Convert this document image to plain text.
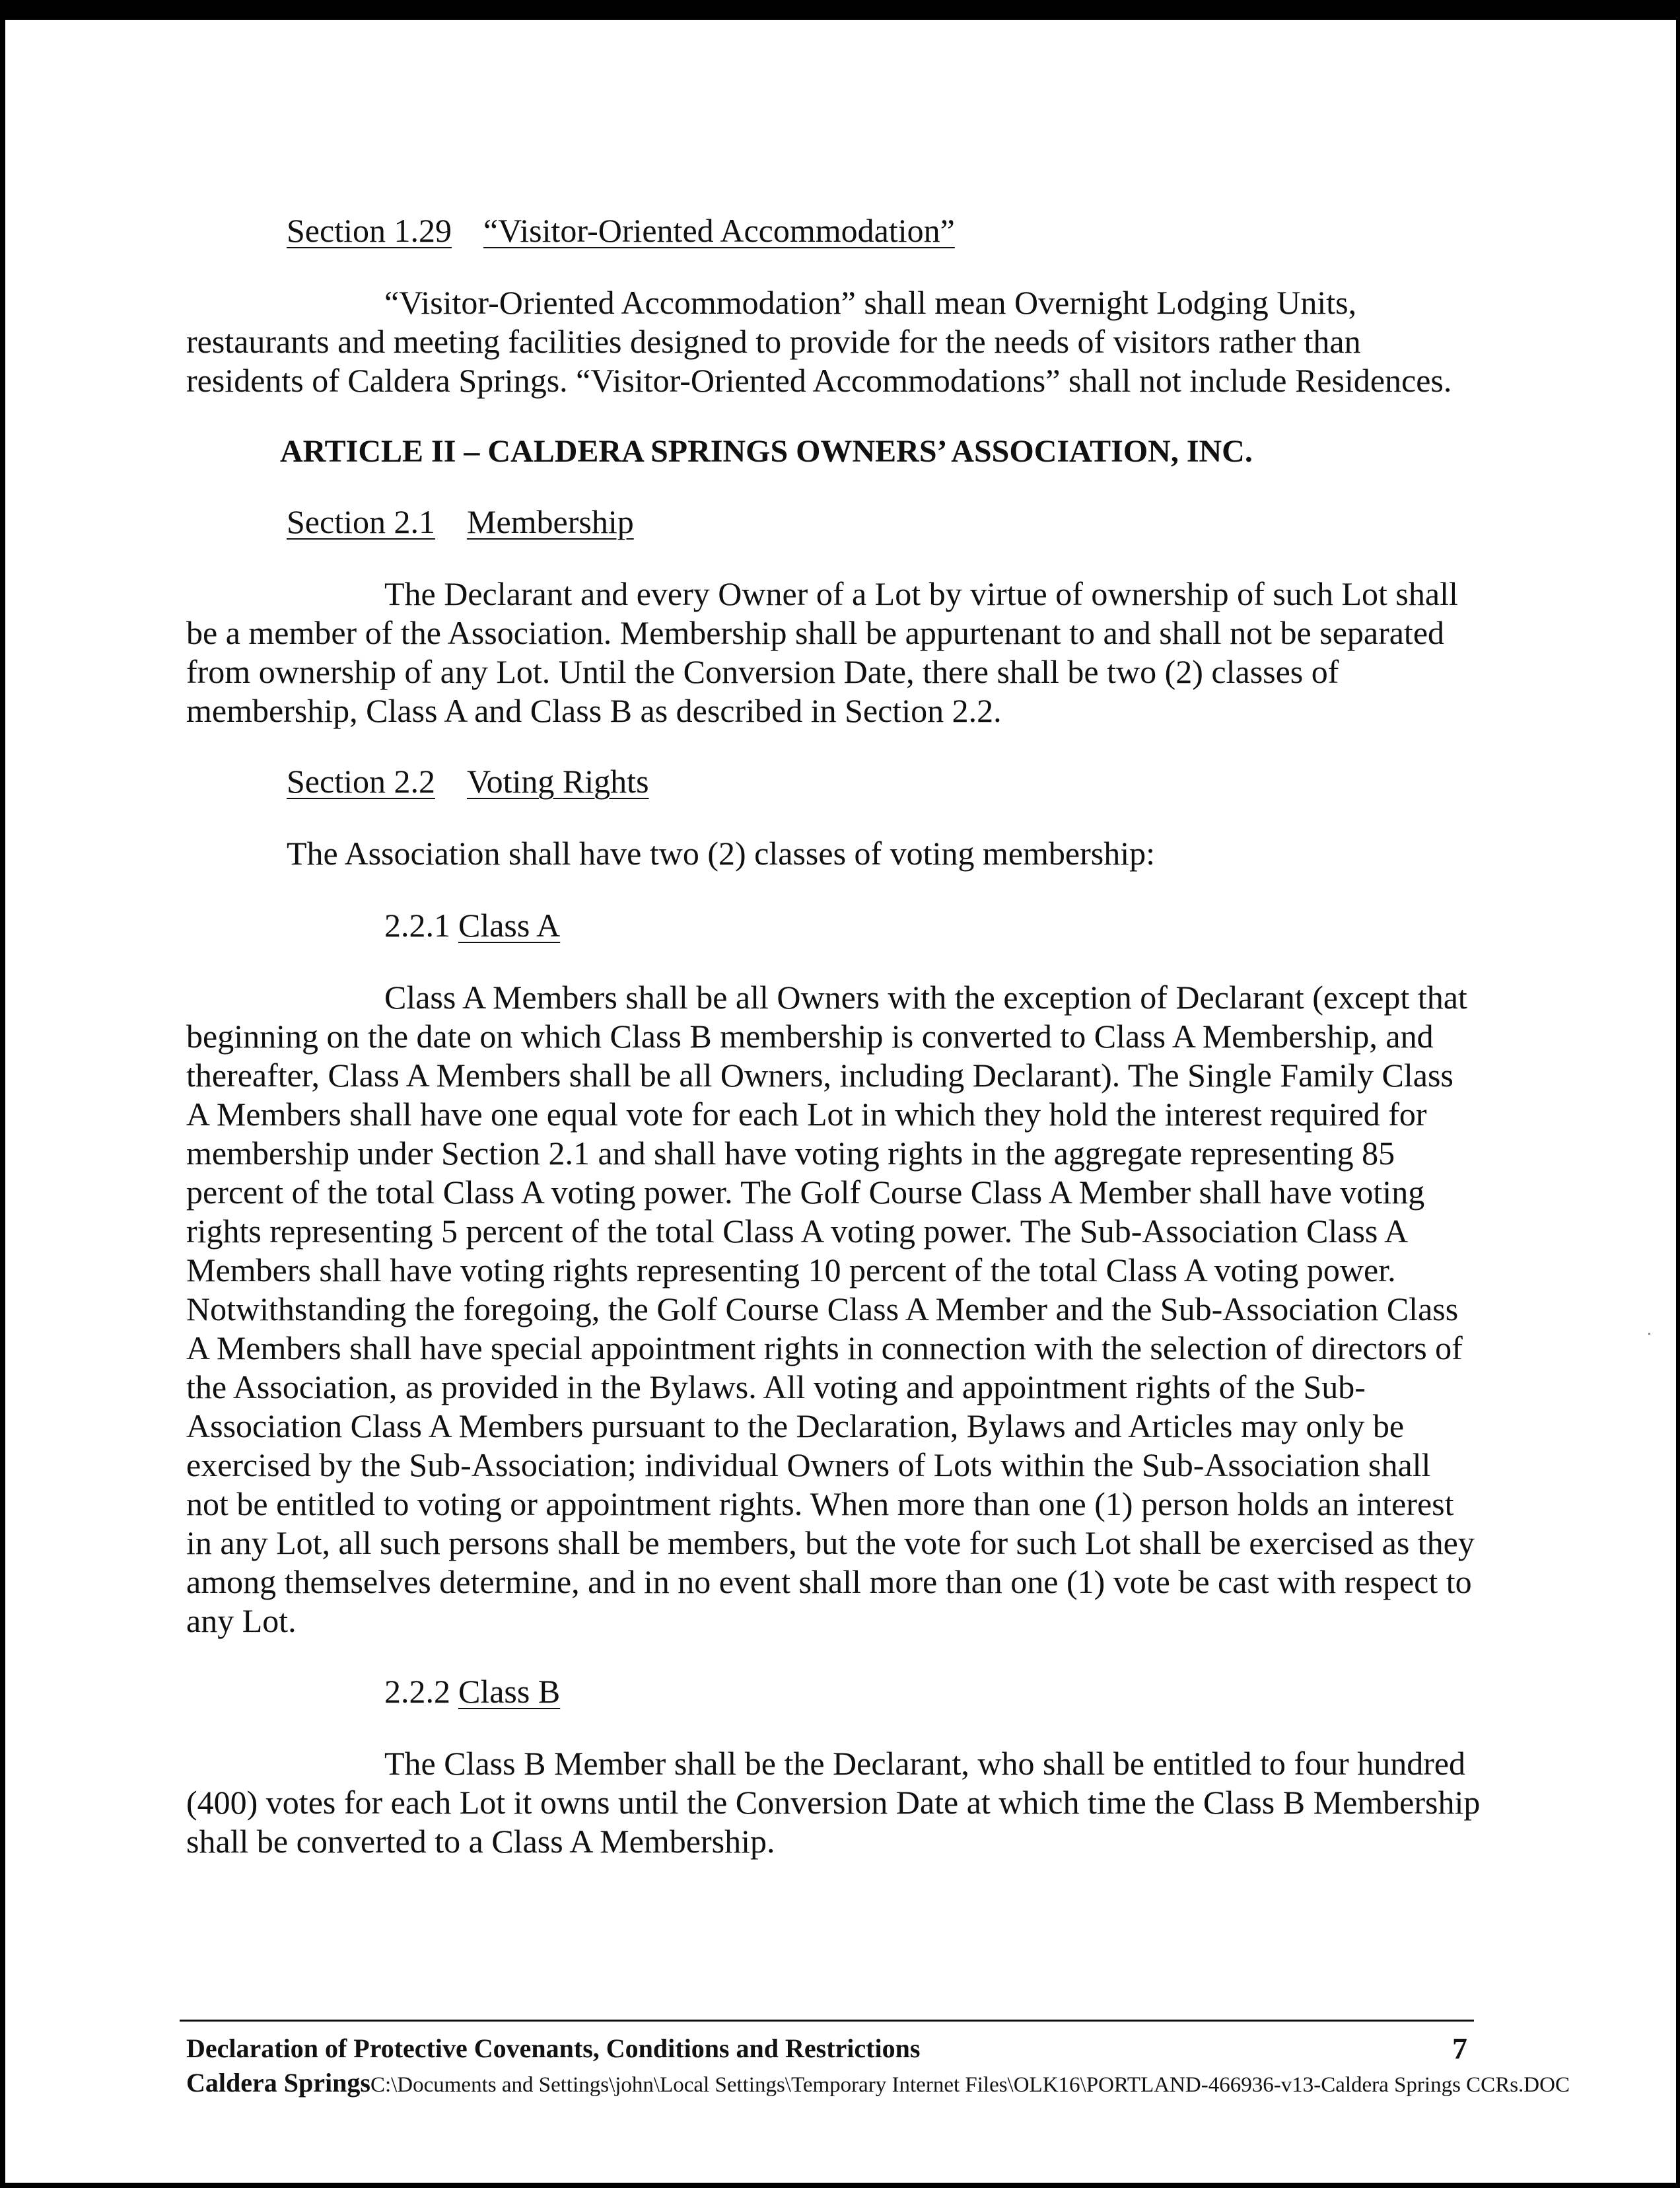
Section 1.29 “Visitor-Oriented Accommodation”

“Visitor-Oriented Accommodation” shall mean Overnight Lodging Units, restaurants and meeting facilities designed to provide for the needs of visitors rather than residents of Caldera Springs. “Visitor-Oriented Accommodations” shall not include Residences.

ARTICLE II – CALDERA SPRINGS OWNERS’ ASSOCIATION, INC.

Section 2.1 Membership

The Declarant and every Owner of a Lot by virtue of ownership of such Lot shall be a member of the Association. Membership shall be appurtenant to and shall not be separated from ownership of any Lot. Until the Conversion Date, there shall be two (2) classes of membership, Class A and Class B as described in Section 2.2.

Section 2.2 Voting Rights

The Association shall have two (2) classes of voting membership:

2.2.1 Class A

Class A Members shall be all Owners with the exception of Declarant (except that beginning on the date on which Class B membership is converted to Class A Membership, and thereafter, Class A Members shall be all Owners, including Declarant). The Single Family Class A Members shall have one equal vote for each Lot in which they hold the interest required for membership under Section 2.1 and shall have voting rights in the aggregate representing 85 percent of the total Class A voting power. The Golf Course Class A Member shall have voting rights representing 5 percent of the total Class A voting power. The Sub-Association Class A Members shall have voting rights representing 10 percent of the total Class A voting power. Notwithstanding the foregoing, the Golf Course Class A Member and the Sub-Association Class A Members shall have special appointment rights in connection with the selection of directors of the Association, as provided in the Bylaws. All voting and appointment rights of the Sub-Association Class A Members pursuant to the Declaration, Bylaws and Articles may only be exercised by the Sub-Association; individual Owners of Lots within the Sub-Association shall not be entitled to voting or appointment rights. When more than one (1) person holds an interest in any Lot, all such persons shall be members, but the vote for such Lot shall be exercised as they among themselves determine, and in no event shall more than one (1) vote be cast with respect to any Lot.

2.2.2 Class B

The Class B Member shall be the Declarant, who shall be entitled to four hundred (400) votes for each Lot it owns until the Conversion Date at which time the Class B Membership shall be converted to a Class A Membership.

Declaration of Protective Covenants, Conditions and Restrictions	7
Caldera SpringsC:\Documents and Settings\john\Local Settings\Temporary Internet Files\OLK16\PORTLAND-466936-v13-Caldera Springs CCRs.DOC
